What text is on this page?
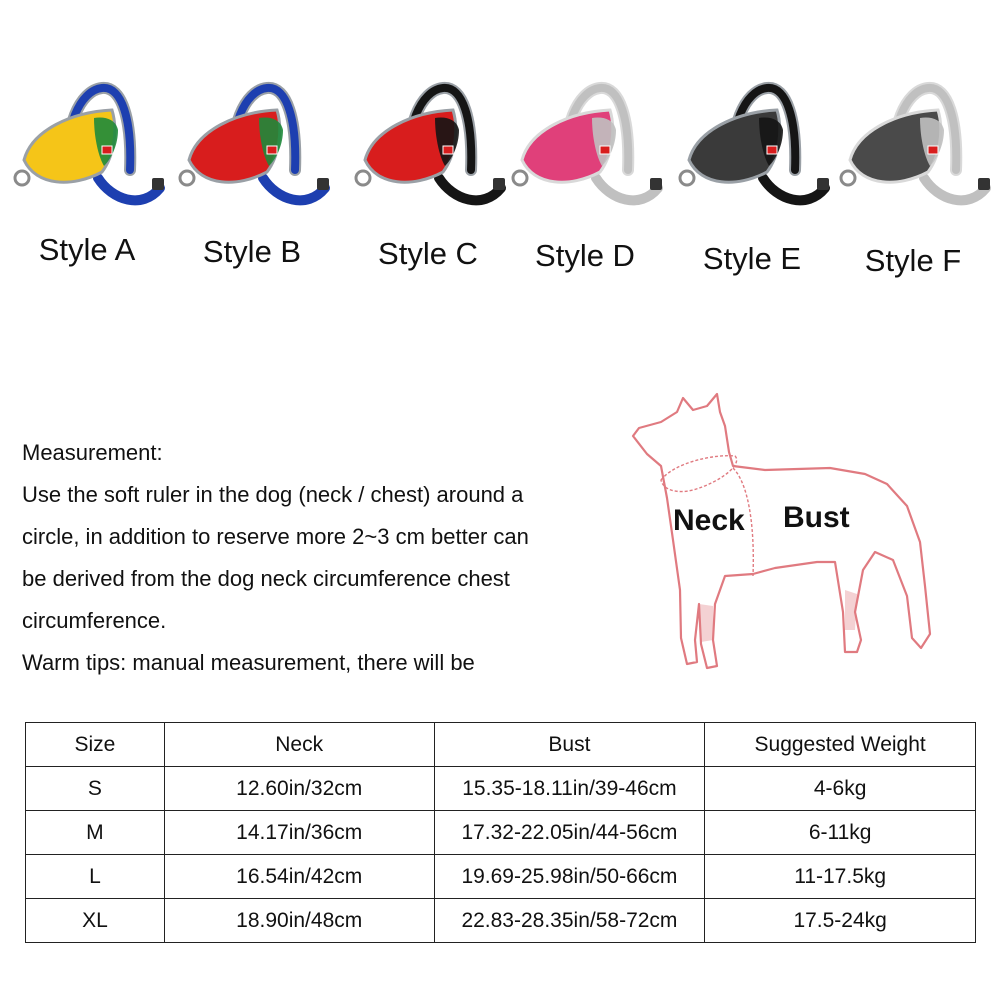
Style A	Style B	Style C	Style D	Style E	Style F

Measurement:

Use the soft ruler in the dog (neck / chest) around a

circle, in addition to reserve more 2~3 cm better can

be derived from the dog neck circumference chest

circumference.

Warm tips: manual measurement, there will be

Neck Bust
Size	Neck	Bust	Suggested Weight
S	12.60in/32cm	15.35-18.11in/39-46cm	4-6kg
M	14.17in/36cm	17.32-22.05in/44-56cm	6-11kg
L	16.54in/42cm	19.69-25.98in/50-66cm	11-17.5kg
XL	18.90in/48cm	22.83-28.35in/58-72cm	17.5-24kg
